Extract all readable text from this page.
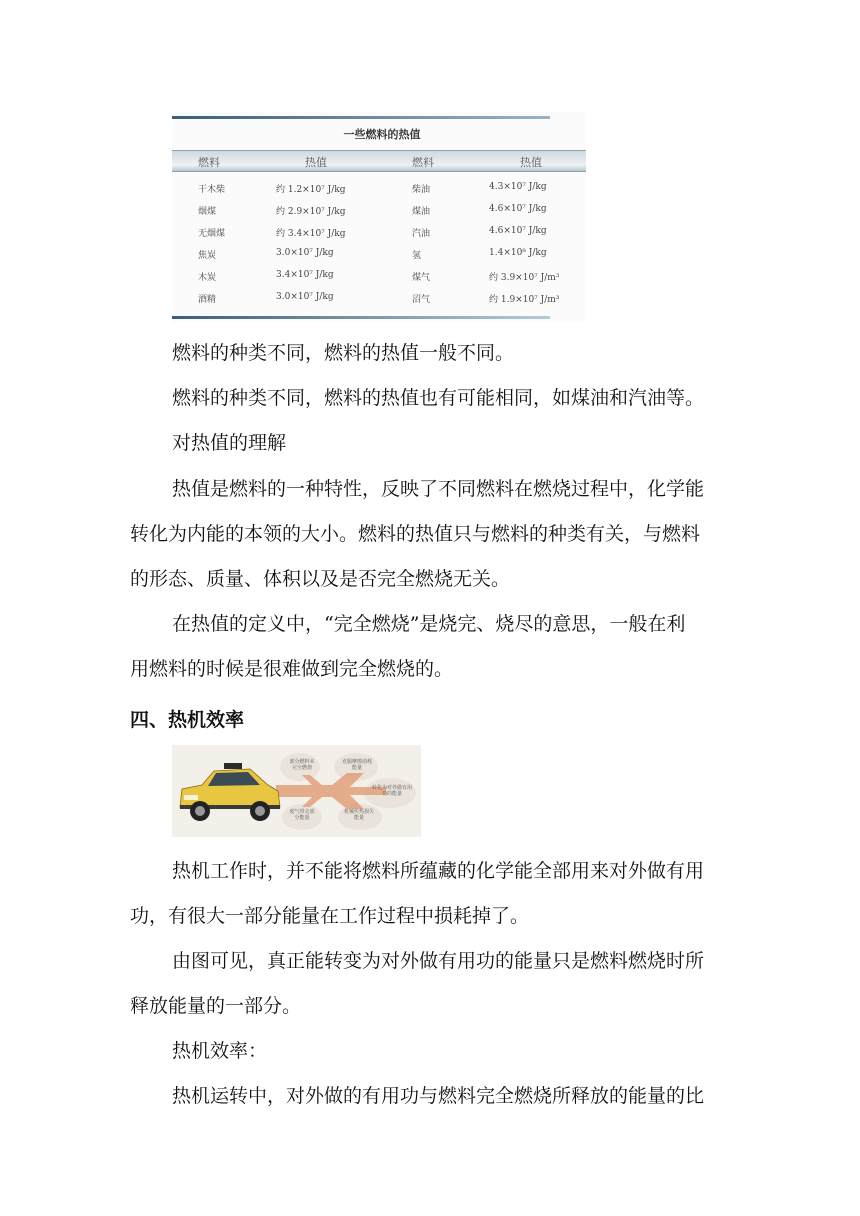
一些燃料的热值
燃料	热值	燃料	热值
干木柴	约 1.2×10⁷ J/kg	柴油	4.3×10⁷ J/kg
烟煤	约 2.9×10⁷ J/kg	煤油	4.6×10⁷ J/kg
无烟煤	约 3.4×10⁷ J/kg	汽油	4.6×10⁷ J/kg
焦炭	3.0×10⁷ J/kg	氢	1.4×10⁸ J/kg
木炭	3.4×10⁷ J/kg	煤气	约 3.9×10⁷ J/m³
酒精	3.0×10⁷ J/kg	沼气	约 1.9×10⁷ J/m³
燃料的种类不同，燃料的热值一般不同。
燃料的种类不同，燃料的热值也有可能相同，如煤油和汽油等。
对热值的理解
热值是燃料的一种特性，反映了不同燃料在燃烧过程中，化学能
转化为内能的本领的大小。燃料的热值只与燃料的种类有关，与燃料
的形态、质量、体积以及是否完全燃烧无关。
在热值的定义中，“完全燃烧”是烧完、烧尽的意思，一般在利
用燃料的时候是很难做到完全燃烧的。
四、热机效率
部分燃料未完全燃烧
克服摩擦消耗能量
转化为对外做有用功的能量
废气带走部分能量
机械传热损失能量
热机工作时，并不能将燃料所蕴藏的化学能全部用来对外做有用
功，有很大一部分能量在工作过程中损耗掉了。
由图可见，真正能转变为对外做有用功的能量只是燃料燃烧时所
释放能量的一部分。
热机效率：
热机运转中，对外做的有用功与燃料完全燃烧所释放的能量的比
